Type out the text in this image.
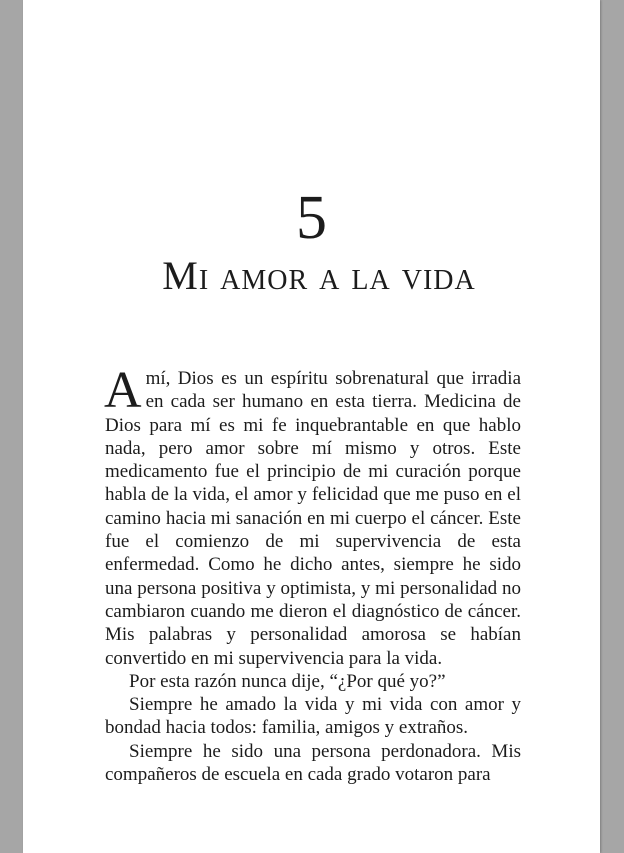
5
Mi amor a la vida

Amí, Dios es un espíritu sobrenatural que irradia en cada ser humano en esta tierra. Medicina de Dios para mí es mi fe inquebrantable en que hablo nada, pero amor sobre mí mismo y otros. Este medicamento fue el principio de mi curación porque habla de la vida, el amor y felicidad que me puso en el camino hacia mi sanación en mi cuerpo el cáncer. Este fue el comienzo de mi supervivencia de esta enfermedad. Como he dicho antes, siempre he sido una persona positiva y optimista, y mi personalidad no cambiaron cuando me dieron el diagnóstico de cáncer. Mis palabras y personalidad amorosa se habían convertido en mi supervivencia para la vida.

Por esta razón nunca dije, “¿Por qué yo?”

Siempre he amado la vida y mi vida con amor y bondad hacia todos: familia, amigos y extraños.

Siempre he sido una persona perdonadora. Mis compañeros de escuela en cada grado votaron para
